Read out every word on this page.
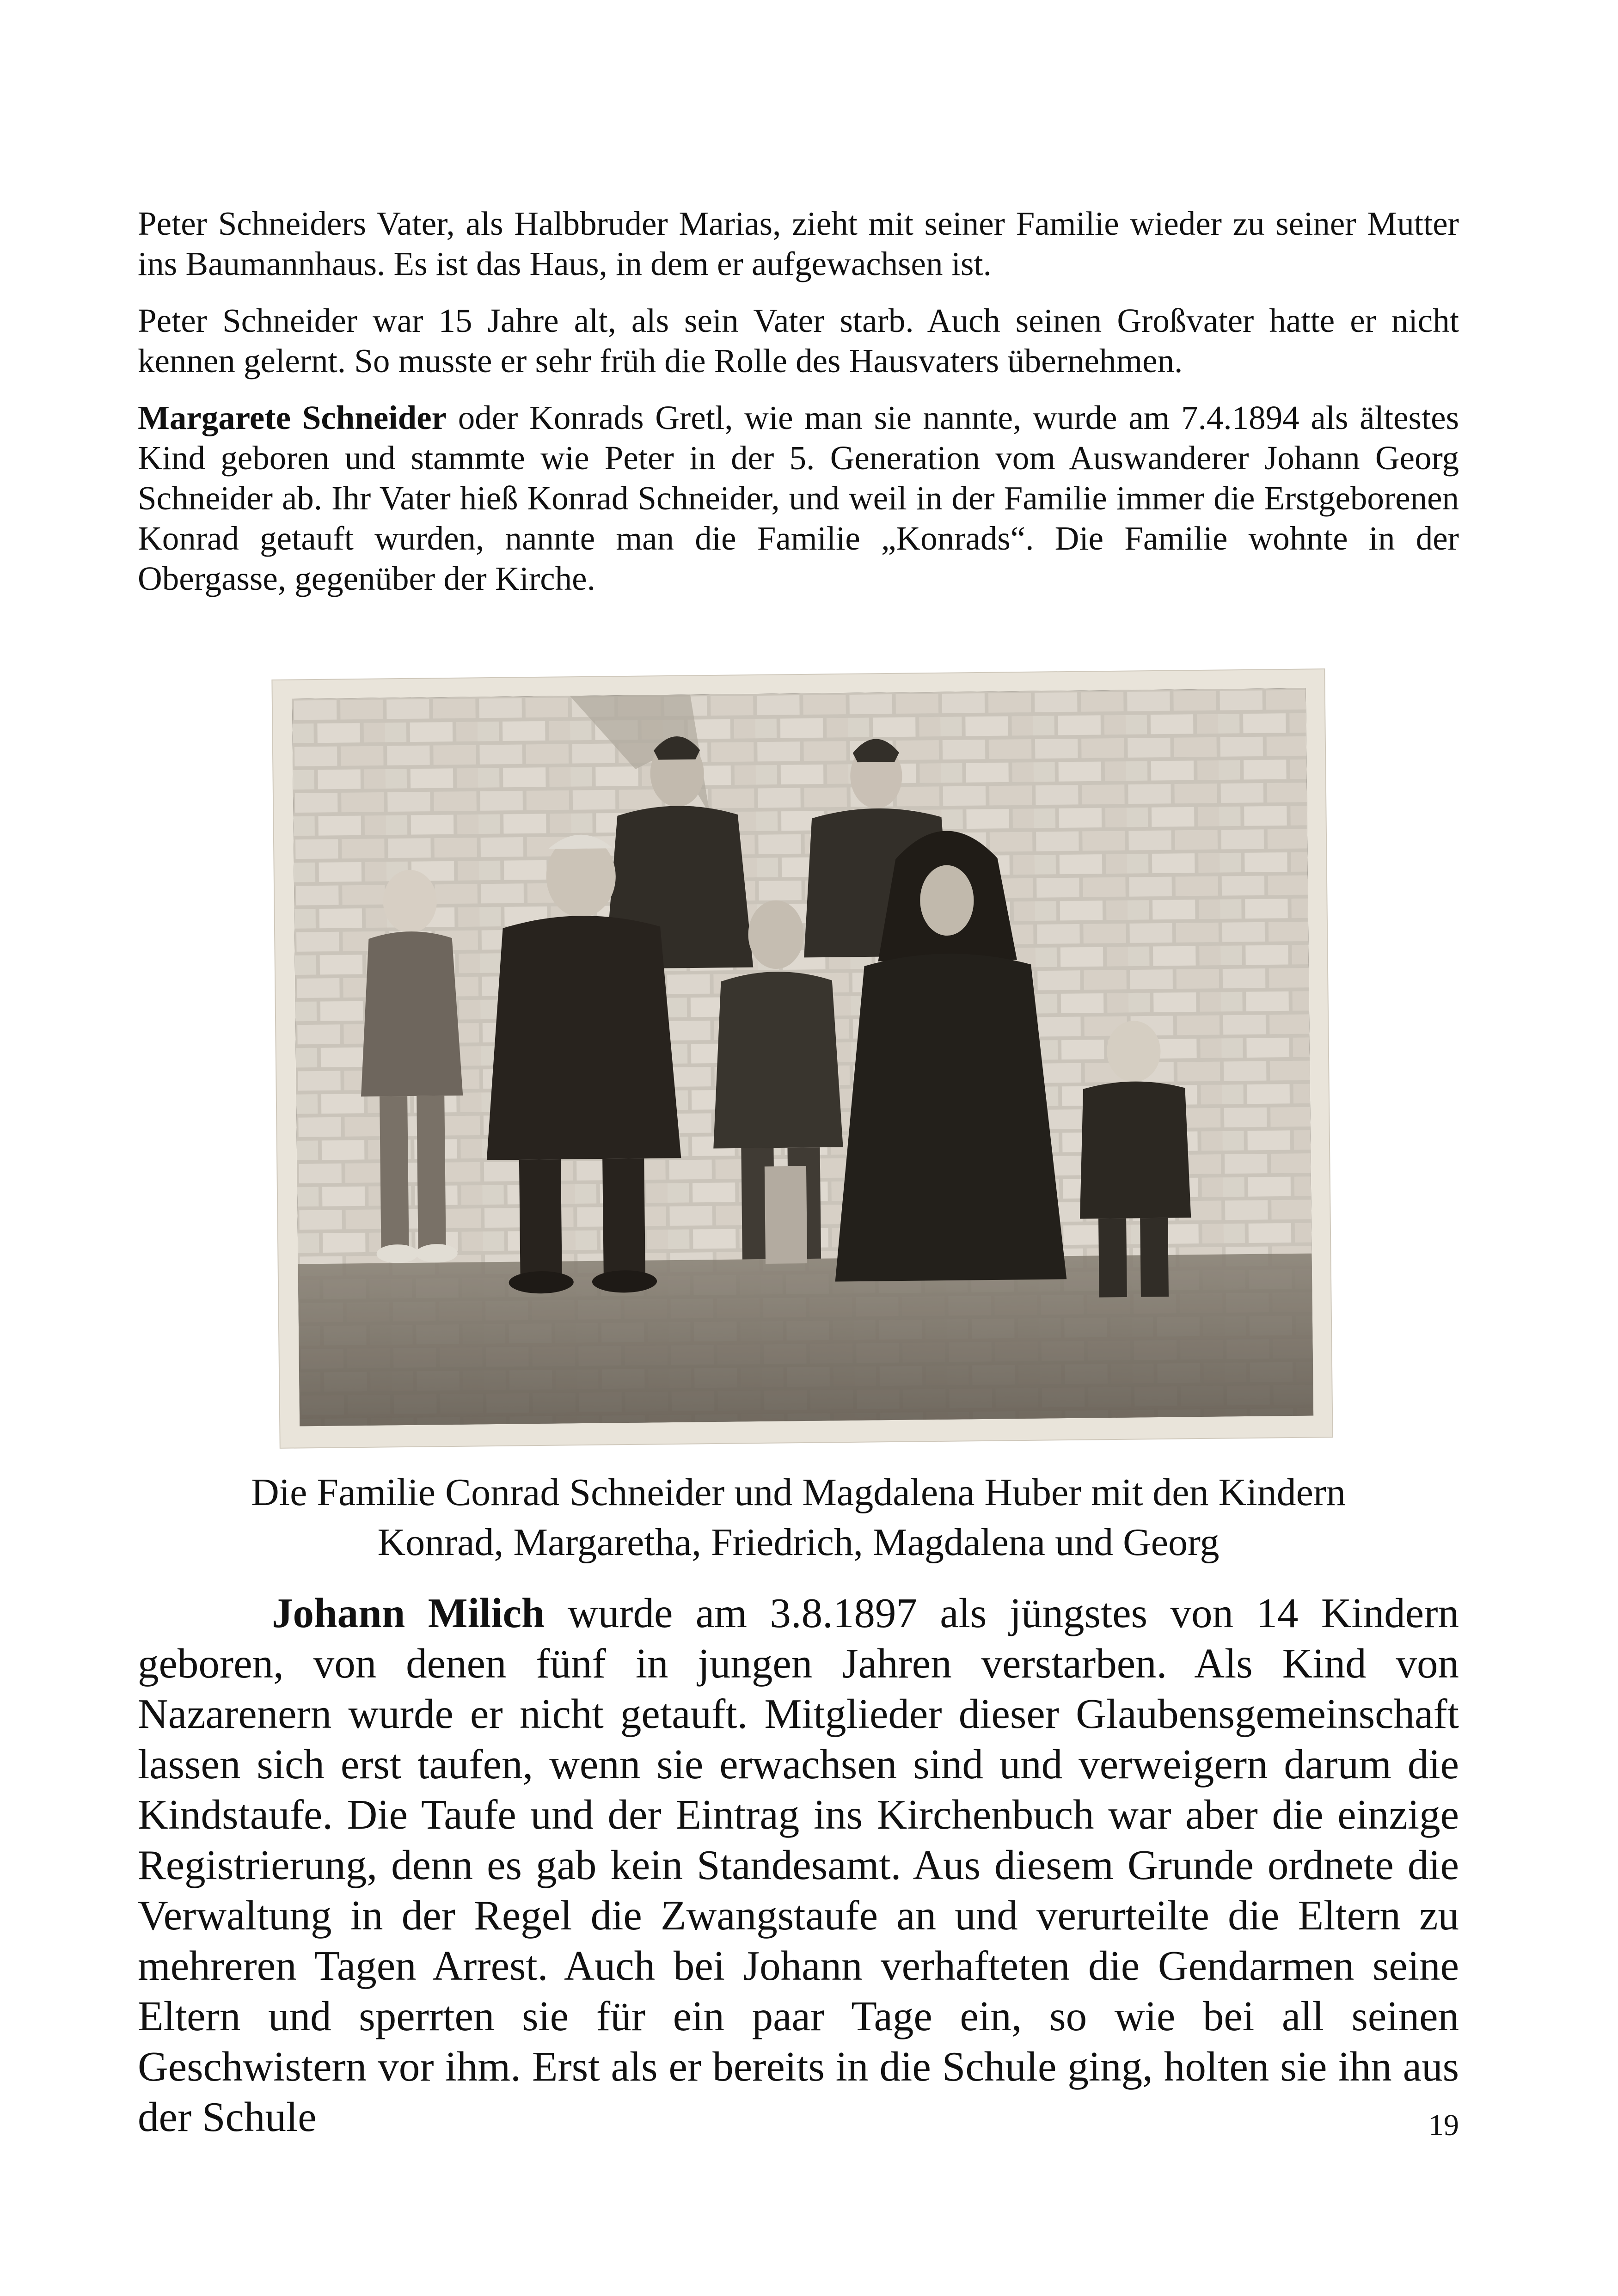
Peter Schneiders Vater, als Halbbruder Marias, zieht mit seiner Familie wieder zu seiner Mutter ins Baumannhaus. Es ist das Haus, in dem er aufgewachsen ist.

Peter Schneider war 15 Jahre alt, als sein Vater starb. Auch seinen Großvater hatte er nicht kennen gelernt. So musste er sehr früh die Rolle des Hausvaters übernehmen.

Margarete Schneider oder Konrads Gretl, wie man sie nannte, wurde am 7.4.1894 als ältestes Kind geboren und stammte wie Peter in der 5. Generation vom Auswanderer Johann Georg Schneider ab. Ihr Vater hieß Konrad Schneider, und weil in der Familie immer die Erstgeborenen Konrad getauft wurden, nannte man die Familie „Konrads“. Die Familie wohnte in der Obergasse, gegenüber der Kirche.

Die Familie Conrad Schneider und Magdalena Huber mit den Kindern
Konrad, Margaretha, Friedrich, Magdalena und Georg

Johann Milich wurde am 3.8.1897 als jüngstes von 14 Kindern geboren, von denen fünf in jungen Jahren verstarben. Als Kind von Nazarenern wurde er nicht getauft. Mitglieder dieser Glaubensgemeinschaft lassen sich erst taufen, wenn sie erwachsen sind und verweigern darum die Kindstaufe. Die Taufe und der Eintrag ins Kirchenbuch war aber die einzige Registrierung, denn es gab kein Standesamt. Aus diesem Grunde ordnete die Verwaltung in der Regel die Zwangstaufe an und verurteilte die Eltern zu mehreren Tagen Arrest. Auch bei Johann verhafteten die Gendarmen seine Eltern und sperrten sie für ein paar Tage ein, so wie bei all seinen Geschwistern vor ihm. Erst als er bereits in die Schule ging, holten sie ihn aus der Schule	19
